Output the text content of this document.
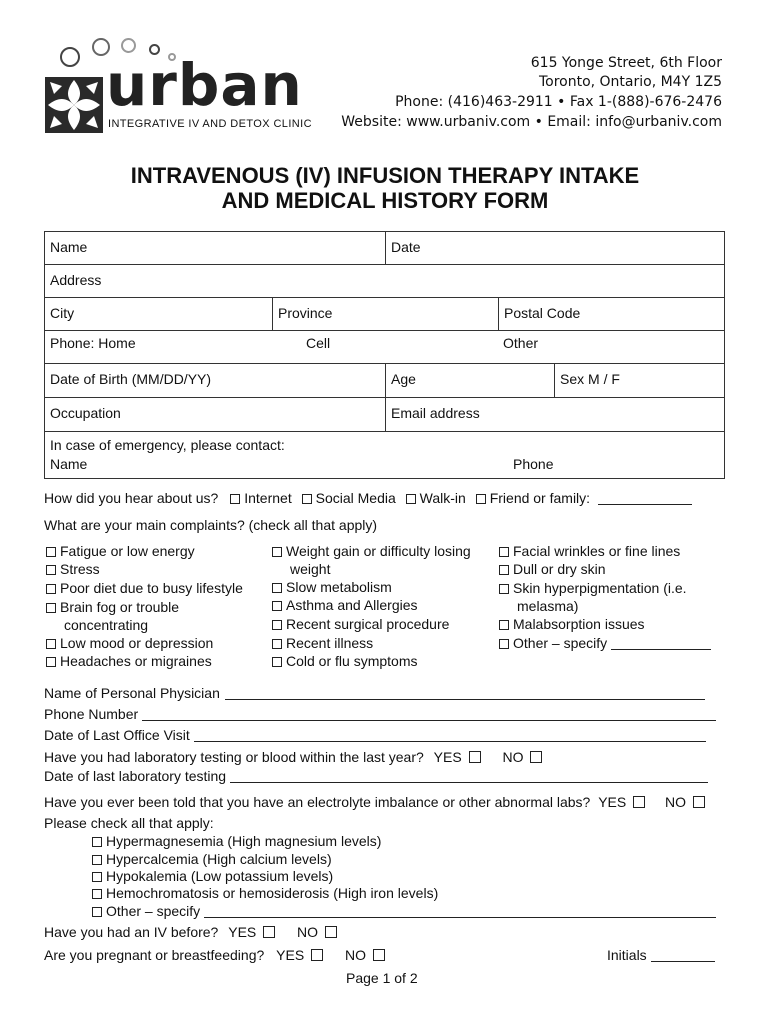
urban
INTEGRATIVE IV AND DETOX CLINIC
615 Yonge Street, 6th Floor
Toronto, Ontario, M4Y 1Z5
Phone: (416)463-2911 • Fax 1-(888)-676-2476
Website: www.urbaniv.com • Email: info@urbaniv.com
INTRAVENOUS (IV) INFUSION THERAPY INTAKE
AND MEDICAL HISTORY FORM
Name	Date
Address
City	Province	Postal Code
Phone: Home	Cell	Other
Date of Birth (MM/DD/YY)	Age	Sex M / F
Occupation	Email address
In case of emergency, please contact:
Name	Phone
How did you hear about us? Internet Social Media Walk-in Friend or family:
What are your main complaints? (check all that apply)
Fatigue or low energy
Stress
Poor diet due to busy lifestyle
Brain fog or trouble
concentrating
Low mood or depression
Headaches or migraines
Weight gain or difficulty losing
weight
Slow metabolism
Asthma and Allergies
Recent surgical procedure
Recent illness
Cold or flu symptoms
Facial wrinkles or fine lines
Dull or dry skin
Skin hyperpigmentation (i.e.
melasma)
Malabsorption issues
Other – specify
Name of Personal Physician
Phone Number
Date of Last Office Visit
Have you had laboratory testing or blood within the last year? YES	NO
Date of last laboratory testing
Have you ever been told that you have an electrolyte imbalance or other abnormal labs? YES	NO
Please check all that apply:
Hypermagnesemia (High magnesium levels)
Hypercalcemia (High calcium levels)
Hypokalemia (Low potassium levels)
Hemochromatosis or hemosiderosis (High iron levels)
Other – specify
Have you had an IV before? YES	NO
Are you pregnant or breastfeeding? YES	NO	Initials
Page 1 of 2
